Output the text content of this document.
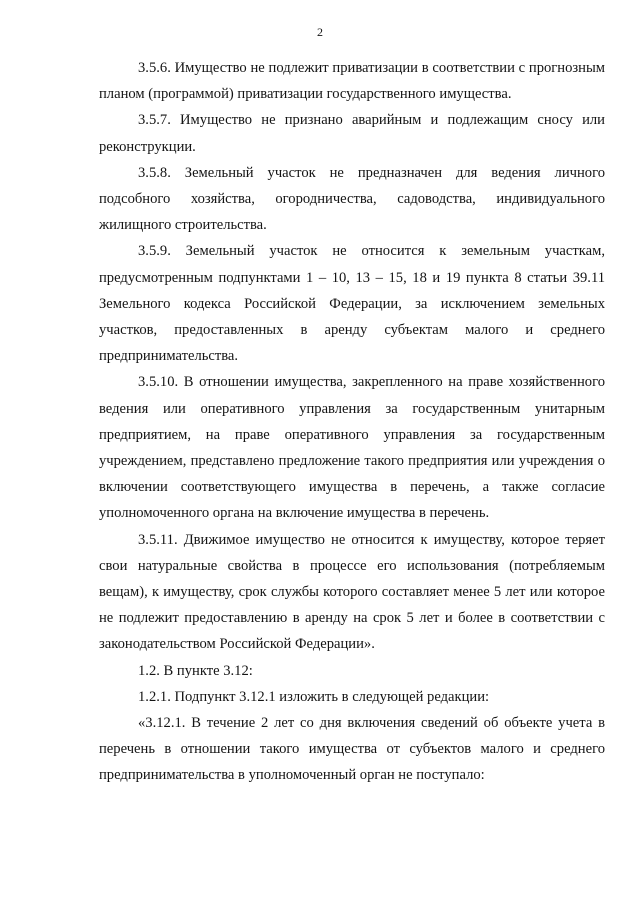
2

3.5.6. Имущество не подлежит приватизации в соответствии с прогнозным планом (программой) приватизации государственного имущества.

3.5.7. Имущество не признано аварийным и подлежащим сносу или реконструкции.

3.5.8. Земельный участок не предназначен для ведения личного подсобного хозяйства, огородничества, садоводства, индивидуального жилищного строительства.

3.5.9. Земельный участок не относится к земельным участкам, предусмотренным подпунктами 1 – 10, 13 – 15, 18 и 19 пункта 8 статьи 39.11 Земельного кодекса Российской Федерации, за исключением земельных участков, предоставленных в аренду субъектам малого и среднего предпринимательства.

3.5.10. В отношении имущества, закрепленного на праве хозяйственного ведения или оперативного управления за государственным унитарным предприятием, на праве оперативного управления за государственным учреждением, представлено предложение такого предприятия или учреждения о включении соответствующего имущества в перечень, а также согласие уполномоченного органа на включение имущества в перечень.

3.5.11. Движимое имущество не относится к имуществу, которое теряет свои натуральные свойства в процессе его использования (потребляемым вещам), к имуществу, срок службы которого составляет менее 5 лет или которое не подлежит предоставлению в аренду на срок 5 лет и более в соответствии с законодательством Российской Федерации».

1.2. В пункте 3.12:

1.2.1. Подпункт 3.12.1 изложить в следующей редакции:

«3.12.1. В течение 2 лет со дня включения сведений об объекте учета в перечень в отношении такого имущества от субъектов малого и среднего предпринимательства в уполномоченный орган не поступало:
